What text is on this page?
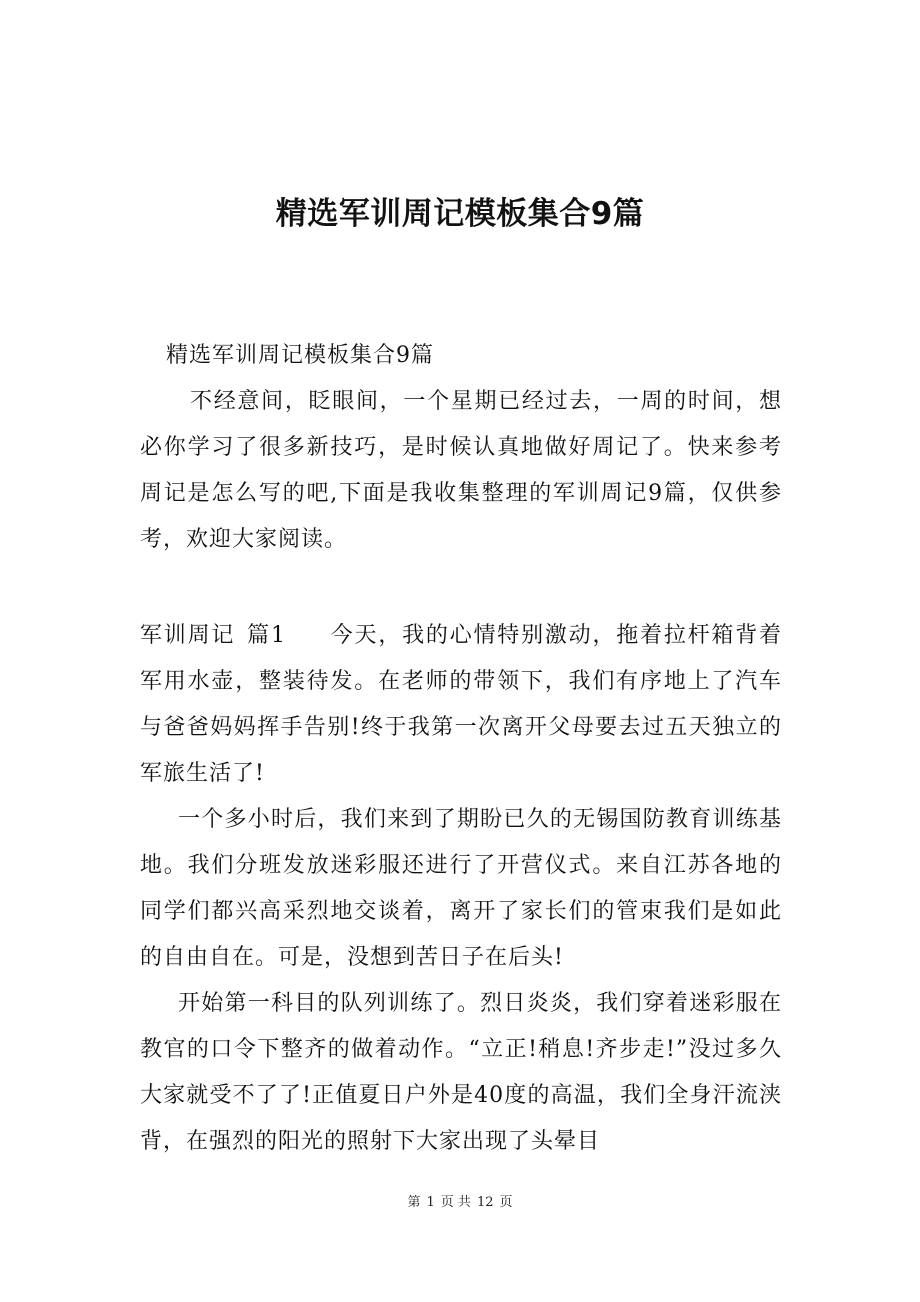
精选军训周记模板集合9篇
精选军训周记模板集合9篇
不经意间，眨眼间，一个星期已经过去，一周的时间，想必你学习了很多新技巧，是时候认真地做好周记了。快来参考周记是怎么写的吧,下面是我收集整理的军训周记9篇，仅供参考，欢迎大家阅读。
军训周记 篇1 今天，我的心情特别激动，拖着拉杆箱背着军用水壶，整装待发。在老师的带领下，我们有序地上了汽车与爸爸妈妈挥手告别!终于我第一次离开父母要去过五天独立的军旅生活了!
一个多小时后，我们来到了期盼已久的无锡国防教育训练基地。我们分班发放迷彩服还进行了开营仪式。来自江苏各地的同学们都兴高采烈地交谈着，离开了家长们的管束我们是如此的自由自在。可是，没想到苦日子在后头!
开始第一科目的队列训练了。烈日炎炎，我们穿着迷彩服在教官的口令下整齐的做着动作。“立正!稍息!齐步走!”没过多久大家就受不了了!正值夏日户外是40度的高温，我们全身汗流浃背，在强烈的阳光的照射下大家出现了头晕目
第 1 页 共 12 页
